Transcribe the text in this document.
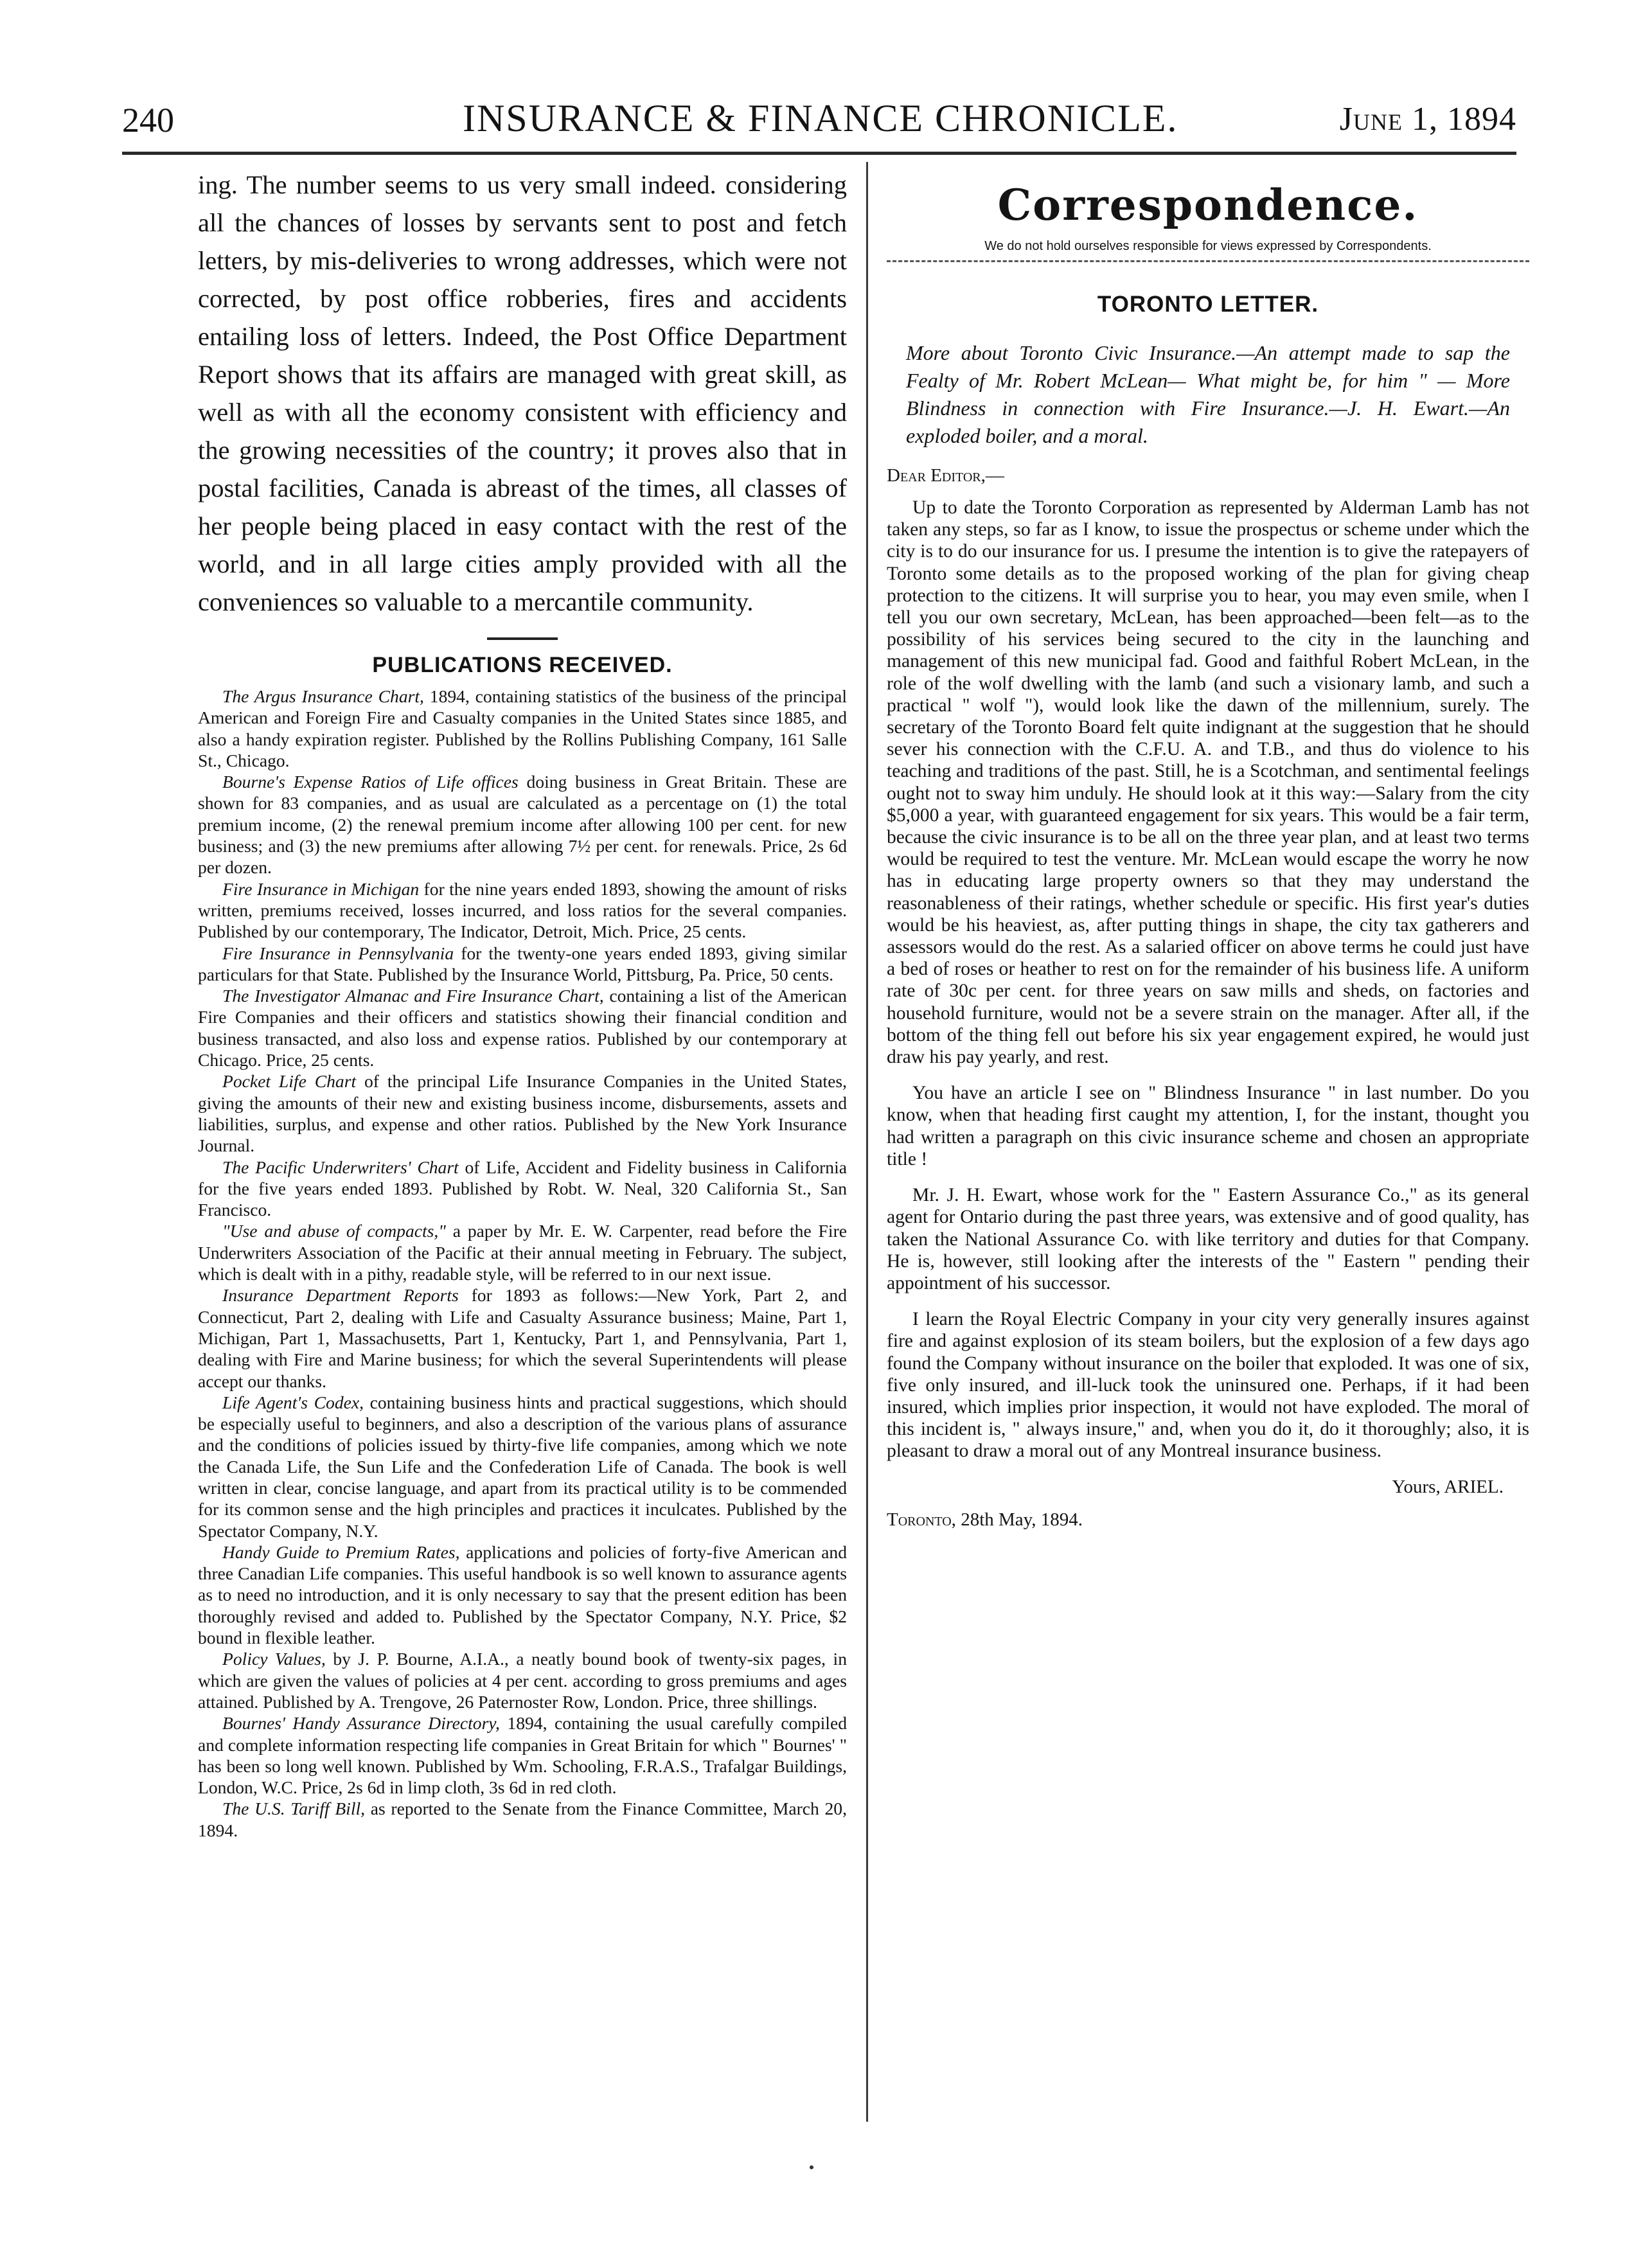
240	INSURANCE & FINANCE CHRONICLE.	June 1, 1894

ing. The number seems to us very small indeed. considering all the chances of losses by servants sent to post and fetch letters, by mis-deliveries to wrong addresses, which were not corrected, by post office robberies, fires and accidents entailing loss of letters. Indeed, the Post Office Department Report shows that its affairs are managed with great skill, as well as with all the economy consistent with efficiency and the growing necessities of the country; it proves also that in postal facilities, Canada is abreast of the times, all classes of her people being placed in easy contact with the rest of the world, and in all large cities amply provided with all the conveniences so valuable to a mercantile community.

PUBLICATIONS RECEIVED.

The Argus Insurance Chart, 1894, containing statistics of the business of the principal American and Foreign Fire and Casualty companies in the United States since 1885, and also a handy expiration register. Published by the Rollins Publishing Company, 161 Salle St., Chicago.

Bourne's Expense Ratios of Life offices doing business in Great Britain. These are shown for 83 companies, and as usual are calculated as a percentage on (1) the total premium income, (2) the renewal premium income after allowing 100 per cent. for new business; and (3) the new premiums after allowing 7½ per cent. for renewals. Price, 2s 6d per dozen.

Fire Insurance in Michigan for the nine years ended 1893, showing the amount of risks written, premiums received, losses incurred, and loss ratios for the several companies. Published by our contemporary, The Indicator, Detroit, Mich. Price, 25 cents.

Fire Insurance in Pennsylvania for the twenty-one years ended 1893, giving similar particulars for that State. Published by the Insurance World, Pittsburg, Pa. Price, 50 cents.

The Investigator Almanac and Fire Insurance Chart, containing a list of the American Fire Companies and their officers and statistics showing their financial condition and business transacted, and also loss and expense ratios. Published by our contemporary at Chicago. Price, 25 cents.

Pocket Life Chart of the principal Life Insurance Companies in the United States, giving the amounts of their new and existing business income, disbursements, assets and liabilities, surplus, and expense and other ratios. Published by the New York Insurance Journal.

The Pacific Underwriters' Chart of Life, Accident and Fidelity business in California for the five years ended 1893. Published by Robt. W. Neal, 320 California St., San Francisco.

"Use and abuse of compacts," a paper by Mr. E. W. Carpenter, read before the Fire Underwriters Association of the Pacific at their annual meeting in February. The subject, which is dealt with in a pithy, readable style, will be referred to in our next issue.

Insurance Department Reports for 1893 as follows:—New York, Part 2, and Connecticut, Part 2, dealing with Life and Casualty Assurance business; Maine, Part 1, Michigan, Part 1, Massachusetts, Part 1, Kentucky, Part 1, and Pennsylvania, Part 1, dealing with Fire and Marine business; for which the several Superintendents will please accept our thanks.

Life Agent's Codex, containing business hints and practical suggestions, which should be especially useful to beginners, and also a description of the various plans of assurance and the conditions of policies issued by thirty-five life companies, among which we note the Canada Life, the Sun Life and the Confederation Life of Canada. The book is well written in clear, concise language, and apart from its practical utility is to be commended for its common sense and the high principles and practices it inculcates. Published by the Spectator Company, N.Y.

Handy Guide to Premium Rates, applications and policies of forty-five American and three Canadian Life companies. This useful handbook is so well known to assurance agents as to need no introduction, and it is only necessary to say that the present edition has been thoroughly revised and added to. Published by the Spectator Company, N.Y. Price, $2 bound in flexible leather.

Policy Values, by J. P. Bourne, A.I.A., a neatly bound book of twenty-six pages, in which are given the values of policies at 4 per cent. according to gross premiums and ages attained. Published by A. Trengove, 26 Paternoster Row, London. Price, three shillings.

Bournes' Handy Assurance Directory, 1894, containing the usual carefully compiled and complete information respecting life companies in Great Britain for which " Bournes' " has been so long well known. Published by Wm. Schooling, F.R.A.S., Trafalgar Buildings, London, W.C. Price, 2s 6d in limp cloth, 3s 6d in red cloth.

The U.S. Tariff Bill, as reported to the Senate from the Finance Committee, March 20, 1894.

Correspondence.
We do not hold ourselves responsible for views expressed by Correspondents.
TORONTO LETTER.

More about Toronto Civic Insurance.—An attempt made to sap the Fealty of Mr. Robert McLean— What might be, for him " — More Blindness in connection with Fire Insurance.—J. H. Ewart.—An exploded boiler, and a moral.

Dear Editor,—

Up to date the Toronto Corporation as represented by Alderman Lamb has not taken any steps, so far as I know, to issue the prospectus or scheme under which the city is to do our insurance for us. I presume the intention is to give the ratepayers of Toronto some details as to the proposed working of the plan for giving cheap protection to the citizens. It will surprise you to hear, you may even smile, when I tell you our own secretary, McLean, has been approached—been felt—as to the possibility of his services being secured to the city in the launching and management of this new municipal fad. Good and faithful Robert McLean, in the role of the wolf dwelling with the lamb (and such a visionary lamb, and such a practical " wolf "), would look like the dawn of the millennium, surely. The secretary of the Toronto Board felt quite indignant at the suggestion that he should sever his connection with the C.F.U. A. and T.B., and thus do violence to his teaching and traditions of the past. Still, he is a Scotchman, and sentimental feelings ought not to sway him unduly. He should look at it this way:—Salary from the city $5,000 a year, with guaranteed engagement for six years. This would be a fair term, because the civic insurance is to be all on the three year plan, and at least two terms would be required to test the venture. Mr. McLean would escape the worry he now has in educating large property owners so that they may understand the reasonableness of their ratings, whether schedule or specific. His first year's duties would be his heaviest, as, after putting things in shape, the city tax gatherers and assessors would do the rest. As a salaried officer on above terms he could just have a bed of roses or heather to rest on for the remainder of his business life. A uniform rate of 30c per cent. for three years on saw mills and sheds, on factories and household furniture, would not be a severe strain on the manager. After all, if the bottom of the thing fell out before his six year engagement expired, he would just draw his pay yearly, and rest.

You have an article I see on " Blindness Insurance " in last number. Do you know, when that heading first caught my attention, I, for the instant, thought you had written a paragraph on this civic insurance scheme and chosen an appropriate title !

Mr. J. H. Ewart, whose work for the " Eastern Assurance Co.," as its general agent for Ontario during the past three years, was extensive and of good quality, has taken the National Assurance Co. with like territory and duties for that Company. He is, however, still looking after the interests of the " Eastern " pending their appointment of his successor.

I learn the Royal Electric Company in your city very generally insures against fire and against explosion of its steam boilers, but the explosion of a few days ago found the Company without insurance on the boiler that exploded. It was one of six, five only insured, and ill-luck took the uninsured one. Perhaps, if it had been insured, which implies prior inspection, it would not have exploded. The moral of this incident is, " always insure," and, when you do it, do it thoroughly; also, it is pleasant to draw a moral out of any Montreal insurance business.

Yours, ARIEL.

Toronto, 28th May, 1894.
